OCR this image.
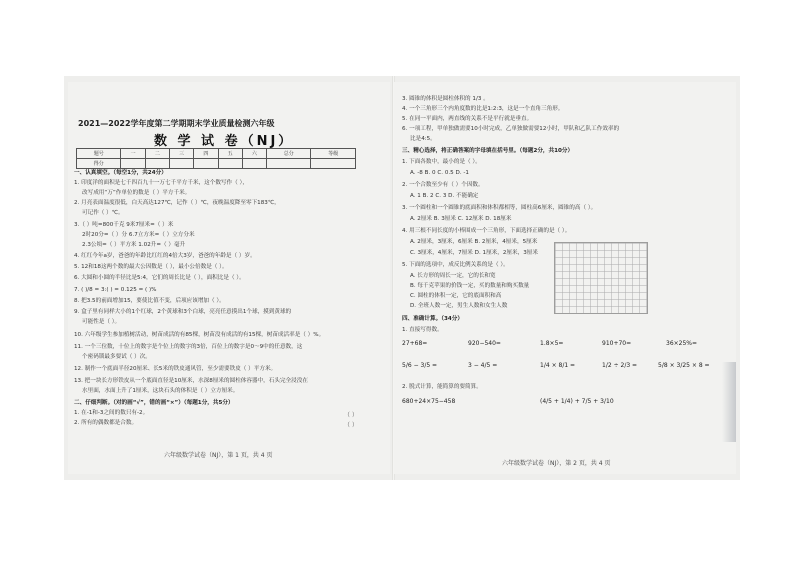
2021—2022学年度第二学期期末学业质量检测六年级
数 学 试 卷（NJ）
题号	一	二	三	四	五	六	总分	等级
得分								
一、认真填空。（每空1分，共24分）
1. 印度洋的面积是七千四百九十一万七千平方千米，这个数写作（ ），
改写成用“万”作单位的数是（ ）平方千米。
2. 月亮表面温度很低，白天高达127℃，记作（ ）℃，夜晚温度降至零下183℃，
可记作（ ）℃。
3.（ ）吨=800千克 9米7厘米=（ ）米
2时20分=（ ）分 6.7立方米=（ ）立方分米
2.3公顷=（ ）平方米 1.02升=（ ）毫升
4. 红红今年a岁，爸爸的年龄比红红的4倍大3岁，爸爸的年龄是（ ）岁。
5. 12和18这两个数的最大公因数是（ ），最小公倍数是（ ）。
6. 大圆和小圆的半径比是5:4，它们的周长比是（ ），面积比是（ ）。
7. ( )/8 = 3:( ) = 0.125 = ( )%
8. 把3.5的前面增加15，要使比值不变，后项应该增加（ ）。
9. 盒子里有同样大小的1个红球，2个黄球和3个白球，亮亮任意摸出1个球，摸到黄球的
可能性是（ ）。
10. 六年级学生参加植树活动，树苗成活的有85棵，树苗没有成活的有15棵，树苗成活率是（ ）%。
11. 一个三位数，十位上的数字是个位上的数字的3倍，百位上的数字是0～9中的任意数，这
个密码锁最多要试（ ）次。
12. 制作一个底面半径20厘米、长5米的铁皮通风管，至少需要铁皮（ ）平方米。
13. 把一块长方形铁皮从一个底面直径是10厘米，水深8厘米的圆柱体容器中，石头完全浸没在
水里面，水面上升了1厘米，这块石头的体积是（ ）立方厘米。
二、仔细判断。（对的画“√”，错的画“×”）（每题1分，共5分）
1. 在-1和-3之间的数只有-2。
2. 所有的偶数都是合数。
（ ）
（ ）
六年级数学试卷（NJ），第 1 页，共 4 页
3. 圆锥的体积是圆柱体积的 1/3 。
4. 一个三角形三个内角度数的比是1:2:3，这是一个直角三角形。
5. 在同一平面内，两直线的关系不是平行就是垂直。
6. 一项工程，甲单独做需要10小时完成，乙单独做需要12小时，甲队和乙队工作效率的
比是4:5。
三、精心选择，将正确答案的字母填在括号里。（每题2分，共10分）
1. 下面各数中，最小的是（ ）。
A. -8 B. 0 C. 0.5 D. -1
2. 一个合数至少有（ ）个因数。
A. 1 B. 2 C. 3 D. 不能确定
3. 一个圆柱和一个圆锥的底面积和体积都相等，圆柱高6厘米，圆锥的高（ ）。
A. 2厘米 B. 3厘米 C. 12厘米 D. 18厘米
4. 用三根不同长度的小棒围成一个三角形，下面选择正确的是（ ）。
A. 2厘米，3厘米，6厘米 B. 2厘米，4厘米，5厘米
C. 3厘米，4厘米，7厘米 D. 1厘米，2厘米，3厘米
5. 下面的选项中，成反比例关系的是（ ）。
A. 长方形的周长一定，它的长和宽
B. 每千克苹果的价钱一定，买的数量和购买数量
C. 圆柱的体积一定，它的底面积和高
D. 全班人数一定，男生人数和女生人数
四、准确计算。（34分）
1. 直接写得数。
27+68=	920−540=	1.8×5=	910+70=	36×25%=
5/6 − 3/5 =	3 − 4/5 =	1/4 × 8/1 =	1/2 ÷ 2/3 =	5/8 × 3/25 × 8 =
2. 脱式计算，能简算的要简算。
680+24×75−458	(4/5 + 1/4) + 7/5 + 3/10
六年级数学试卷（NJ），第 2 页，共 4 页
